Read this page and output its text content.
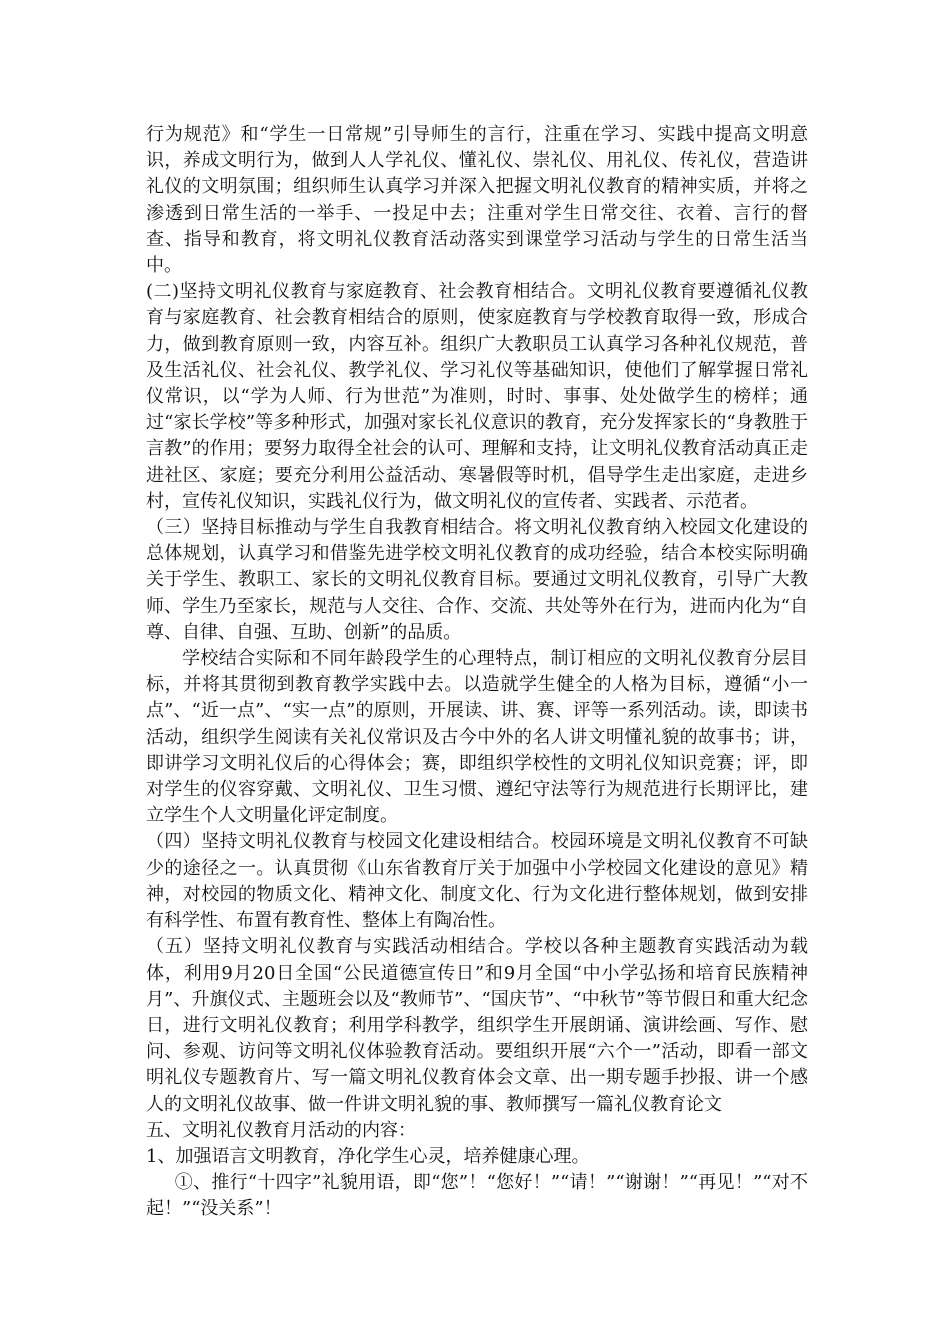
行为规范》和“学生一日常规”引导师生的言行，注重在学习、实践中提高文明意识，养成文明行为，做到人人学礼仪、懂礼仪、崇礼仪、用礼仪、传礼仪，营造讲礼仪的文明氛围；组织师生认真学习并深入把握文明礼仪教育的精神实质，并将之渗透到日常生活的一举手、一投足中去；注重对学生日常交往、衣着、言行的督查、指导和教育，将文明礼仪教育活动落实到课堂学习活动与学生的日常生活当中。

(二)坚持文明礼仪教育与家庭教育、社会教育相结合。文明礼仪教育要遵循礼仪教育与家庭教育、社会教育相结合的原则，使家庭教育与学校教育取得一致，形成合力，做到教育原则一致，内容互补。组织广大教职员工认真学习各种礼仪规范，普及生活礼仪、社会礼仪、教学礼仪、学习礼仪等基础知识，使他们了解掌握日常礼仪常识，以“学为人师、行为世范”为准则，时时、事事、处处做学生的榜样；通过“家长学校”等多种形式，加强对家长礼仪意识的教育，充分发挥家长的“身教胜于言教”的作用；要努力取得全社会的认可、理解和支持，让文明礼仪教育活动真正走进社区、家庭；要充分利用公益活动、寒暑假等时机，倡导学生走出家庭，走进乡村，宣传礼仪知识，实践礼仪行为，做文明礼仪的宣传者、实践者、示范者。

（三）坚持目标推动与学生自我教育相结合。将文明礼仪教育纳入校园文化建设的总体规划，认真学习和借鉴先进学校文明礼仪教育的成功经验，结合本校实际明确关于学生、教职工、家长的文明礼仪教育目标。要通过文明礼仪教育，引导广大教师、学生乃至家长，规范与人交往、合作、交流、共处等外在行为，进而内化为“自尊、自律、自强、互助、创新”的品质。

学校结合实际和不同年龄段学生的心理特点，制订相应的文明礼仪教育分层目标，并将其贯彻到教育教学实践中去。以造就学生健全的人格为目标，遵循“小一点”、“近一点”、“实一点”的原则，开展读、讲、赛、评等一系列活动。读，即读书活动，组织学生阅读有关礼仪常识及古今中外的名人讲文明懂礼貌的故事书；讲，即讲学习文明礼仪后的心得体会；赛，即组织学校性的文明礼仪知识竞赛；评，即对学生的仪容穿戴、文明礼仪、卫生习惯、遵纪守法等行为规范进行长期评比，建立学生个人文明量化评定制度。

（四）坚持文明礼仪教育与校园文化建设相结合。校园环境是文明礼仪教育不可缺少的途径之一。认真贯彻《山东省教育厅关于加强中小学校园文化建设的意见》精神，对校园的物质文化、精神文化、制度文化、行为文化进行整体规划，做到安排有科学性、布置有教育性、整体上有陶冶性。

（五）坚持文明礼仪教育与实践活动相结合。学校以各种主题教育实践活动为载体，利用9月20日全国“公民道德宣传日”和9月全国“中小学弘扬和培育民族精神月”、升旗仪式、主题班会以及“教师节”、“国庆节”、“中秋节”等节假日和重大纪念日，进行文明礼仪教育；利用学科教学，组织学生开展朗诵、演讲绘画、写作、慰问、参观、访问等文明礼仪体验教育活动。要组织开展“六个一”活动，即看一部文明礼仪专题教育片、写一篇文明礼仪教育体会文章、出一期专题手抄报、讲一个感人的文明礼仪故事、做一件讲文明礼貌的事、教师撰写一篇礼仪教育论文

五、文明礼仪教育月活动的内容：

1、加强语言文明教育，净化学生心灵，培养健康心理。

①、推行“十四字”礼貌用语，即“您”！“您好！”“请！”“谢谢！”“再见！”“对不起！”“没关系”！
